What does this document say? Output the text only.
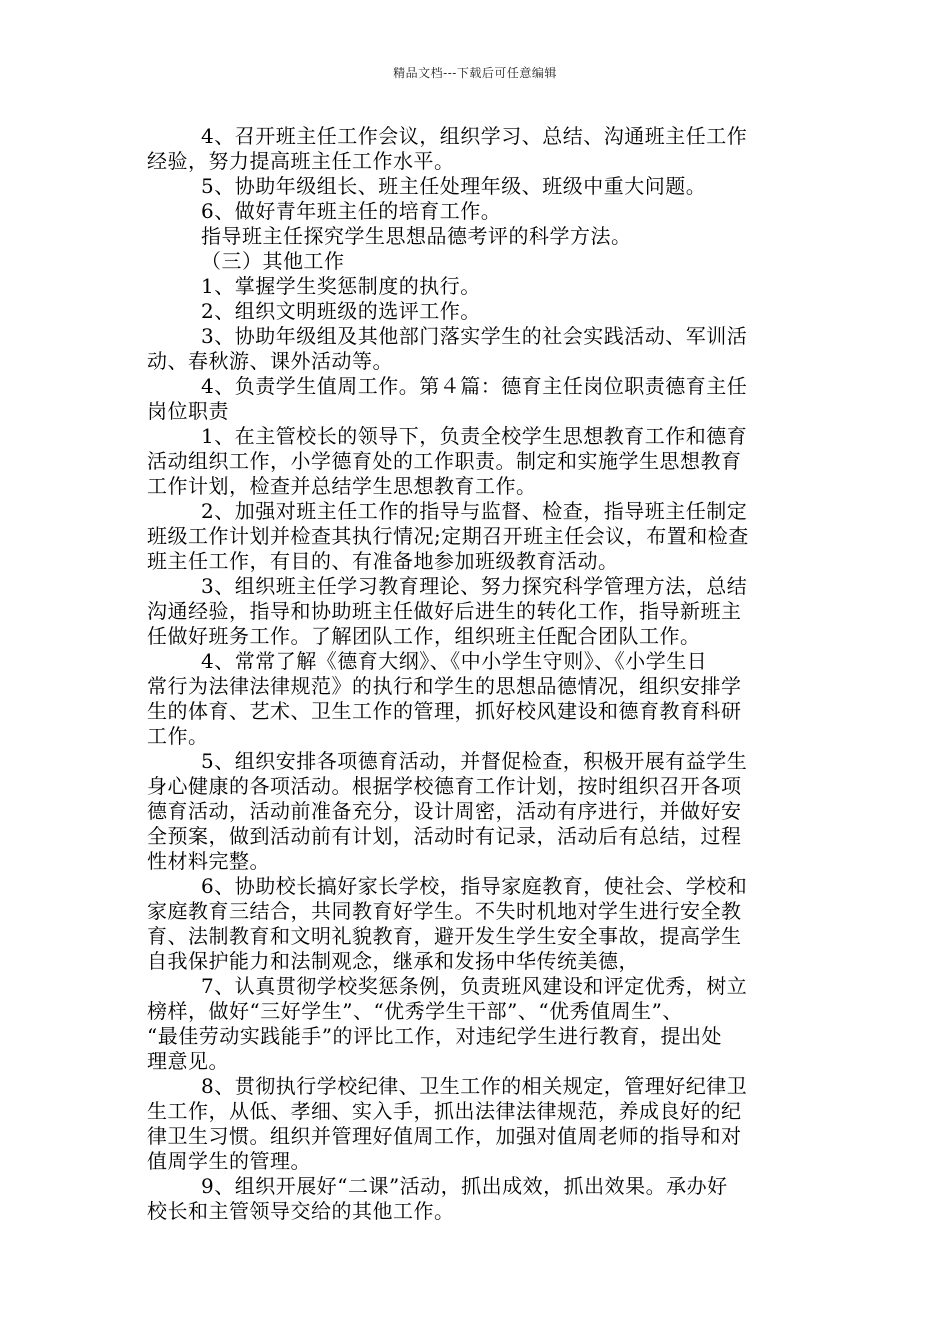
精品文档---下载后可任意编辑
4、召开班主任工作会议，组织学习、总结、沟通班主任工作
经验，努力提高班主任工作水平。
5、协助年级组长、班主任处理年级、班级中重大问题。
6、做好青年班主任的培育工作。
指导班主任探究学生思想品德考评的科学方法。
（三）其他工作
1、掌握学生奖惩制度的执行。
2、组织文明班级的选评工作。
3、协助年级组及其他部门落实学生的社会实践活动、军训活
动、春秋游、课外活动等。
4、负责学生值周工作。第４篇：德育主任岗位职责德育主任
岗位职责
1、在主管校长的领导下，负责全校学生思想教育工作和德育
活动组织工作，小学德育处的工作职责。制定和实施学生思想教育
工作计划，检查并总结学生思想教育工作。
2、加强对班主任工作的指导与监督、检查，指导班主任制定
班级工作计划并检查其执行情况;定期召开班主任会议，布置和检查
班主任工作，有目的、有准备地参加班级教育活动。
3、组织班主任学习教育理论、努力探究科学管理方法，总结
沟通经验，指导和协助班主任做好后进生的转化工作，指导新班主
任做好班务工作。了解团队工作，组织班主任配合团队工作。
4、常常了解《德育大纲》、《中小学生守则》、《小学生日
常行为法律法律规范》的执行和学生的思想品德情况，组织安排学
生的体育、艺术、卫生工作的管理，抓好校风建设和德育教育科研
工作。
5、组织安排各项德育活动，并督促检查，积极开展有益学生
身心健康的各项活动。根据学校德育工作计划，按时组织召开各项
德育活动，活动前准备充分，设计周密，活动有序进行，并做好安
全预案，做到活动前有计划，活动时有记录，活动后有总结，过程
性材料完整。
6、协助校长搞好家长学校，指导家庭教育，使社会、学校和
家庭教育三结合，共同教育好学生。不失时机地对学生进行安全教
育、法制教育和文明礼貌教育，避开发生学生安全事故，提高学生
自我保护能力和法制观念，继承和发扬中华传统美德，
7、认真贯彻学校奖惩条例，负责班风建设和评定优秀，树立
榜样，做好“三好学生”、“优秀学生干部”、“优秀值周生”、
“最佳劳动实践能手”的评比工作，对违纪学生进行教育，提出处
理意见。
8、贯彻执行学校纪律、卫生工作的相关规定，管理好纪律卫
生工作，从低、孝细、实入手，抓出法律法律规范，养成良好的纪
律卫生习惯。组织并管理好值周工作，加强对值周老师的指导和对
值周学生的管理。
9、组织开展好“二课”活动，抓出成效，抓出效果。承办好
校长和主管领导交给的其他工作。
